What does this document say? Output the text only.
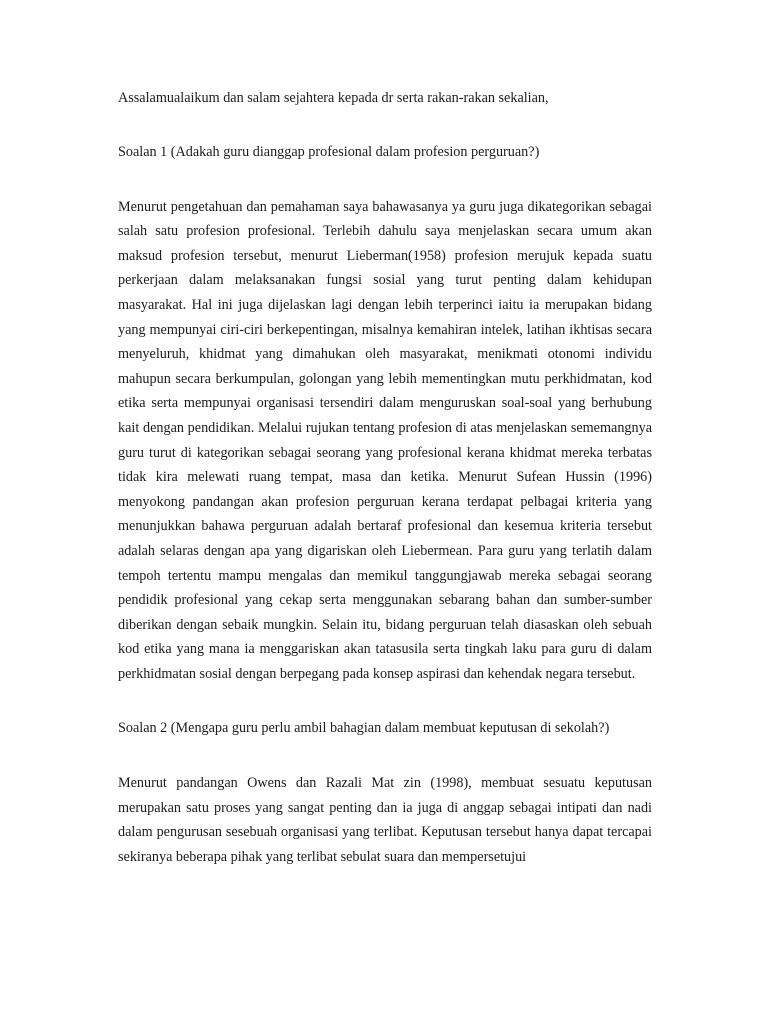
Assalamualaikum dan salam sejahtera kepada dr serta rakan-rakan sekalian,

Soalan 1 (Adakah guru dianggap profesional dalam profesion perguruan?)

Menurut pengetahuan dan pemahaman saya bahawasanya ya guru juga dikategorikan sebagai salah satu profesion profesional. Terlebih dahulu saya menjelaskan secara umum akan maksud profesion tersebut, menurut Lieberman(1958) profesion merujuk kepada suatu perkerjaan dalam melaksanakan fungsi sosial yang turut penting dalam kehidupan masyarakat. Hal ini juga dijelaskan lagi dengan lebih terperinci iaitu ia merupakan bidang yang mempunyai ciri-ciri berkepentingan, misalnya kemahiran intelek, latihan ikhtisas secara menyeluruh, khidmat yang dimahukan oleh masyarakat, menikmati otonomi individu mahupun secara berkumpulan, golongan yang lebih mementingkan mutu perkhidmatan, kod etika serta mempunyai organisasi tersendiri dalam menguruskan soal-soal yang berhubung kait dengan pendidikan. Melalui rujukan tentang profesion di atas menjelaskan sememangnya guru turut di kategorikan sebagai seorang yang profesional kerana khidmat mereka terbatas tidak kira melewati ruang tempat, masa dan ketika. Menurut Sufean Hussin (1996) menyokong pandangan akan profesion perguruan kerana terdapat pelbagai kriteria yang menunjukkan bahawa perguruan adalah bertaraf profesional dan kesemua kriteria tersebut adalah selaras dengan apa yang digariskan oleh Liebermean. Para guru yang terlatih dalam tempoh tertentu mampu mengalas dan memikul tanggungjawab mereka sebagai seorang pendidik profesional yang cekap serta menggunakan sebarang bahan dan sumber-sumber diberikan dengan sebaik mungkin. Selain itu, bidang perguruan telah diasaskan oleh sebuah kod etika yang mana ia menggariskan akan tatasusila serta tingkah laku para guru di dalam perkhidmatan sosial dengan berpegang pada konsep aspirasi dan kehendak negara tersebut.

Soalan 2 (Mengapa guru perlu ambil bahagian dalam membuat keputusan di sekolah?)

Menurut pandangan Owens dan Razali Mat zin (1998), membuat sesuatu keputusan merupakan satu proses yang sangat penting dan ia juga di anggap sebagai intipati dan nadi dalam pengurusan sesebuah organisasi yang terlibat. Keputusan tersebut hanya dapat tercapai sekiranya beberapa pihak yang terlibat sebulat suara dan mempersetujui
